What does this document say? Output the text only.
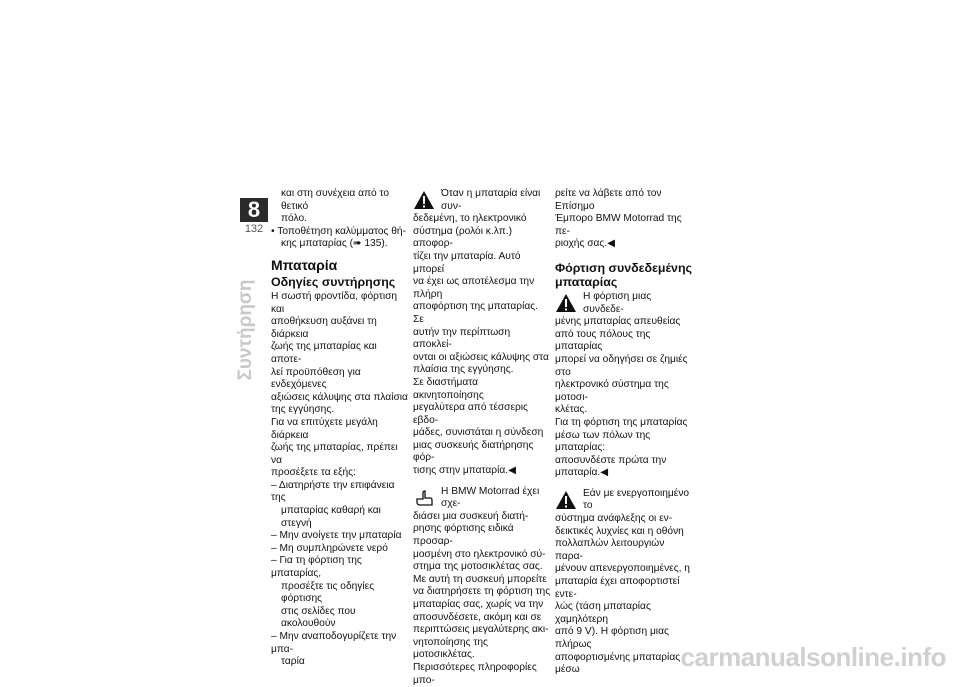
8
132
Συντήρηση
και στη συνέχεια από το θετικό
πόλο.
• Τοποθέτηση καλύμματος θή-
κης μπαταρίας (➠ 135).
Μπαταρία
Οδηγίες συντήρησης
Η σωστή φροντίδα, φόρτιση και
αποθήκευση αυξάνει τη διάρκεια
ζωής της μπαταρίας και αποτε-
λεί προϋπόθεση για ενδεχόμενες
αξιώσεις κάλυψης στα πλαίσια
της εγγύησης.
Για να επιτύχετε μεγάλη διάρκεια
ζωής της μπαταρίας, πρέπει να
προσέξετε τα εξής:
– Διατηρήστε την επιφάνεια της
μπαταρίας καθαρή και στεγνή
– Μην ανοίγετε την μπαταρία
– Μη συμπληρώνετε νερό
– Για τη φόρτιση της μπαταρίας,
προσέξτε τις οδηγίες φόρτισης
στις σελίδες που ακολουθούν
– Μην αναποδογυρίζετε την μπα-
ταρία
Όταν η μπαταρία είναι συν-
δεδεμένη, το ηλεκτρονικό
σύστημα (ρολόι κ.λπ.) αποφορ-
τίζει την μπαταρία. Αυτό μπορεί
να έχει ως αποτέλεσμα την πλήρη
αποφόρτιση της μπαταρίας. Σε
αυτήν την περίπτωση αποκλεί-
ονται οι αξιώσεις κάλυψης στα
πλαίσια της εγγύησης.
Σε διαστήματα ακινητοποίησης
μεγαλύτερα από τέσσερις εβδο-
μάδες, συνιστάται η σύνδεση
μιας συσκευής διατήρησης φόρ-
τισης στην μπαταρία.◀
Η BMW Motorrad έχει σχε-
διάσει μια συσκευή διατή-
ρησης φόρτισης ειδικά προσαρ-
μοσμένη στο ηλεκτρονικό σύ-
στημα της μοτοσικλέτας σας.
Με αυτή τη συσκευή μπορείτε
να διατηρήσετε τη φόρτιση της
μπαταρίας σας, χωρίς να την
αποσυνδέσετε, ακόμη και σε
περιπτώσεις μεγαλύτερης ακι-
νητοποίησης της μοτοσικλέτας.
Περισσότερες πληροφορίες μπο-
ρείτε να λάβετε από τον Επίσημο
Έμπορο BMW Motorrad της πε-
ριοχής σας.◀
Φόρτιση συνδεδεμένης
μπαταρίας
Η φόρτιση μιας συνδεδε-
μένης μπαταρίας απευθείας
από τους πόλους της μπαταρίας
μπορεί να οδηγήσει σε ζημιές στο
ηλεκτρονικό σύστημα της μοτοσι-
κλέτας.
Για τη φόρτιση της μπαταρίας
μέσω των πόλων της μπαταρίας:
αποσυνδέστε πρώτα την
μπαταρία.◀
Εάν με ενεργοποιημένο το
σύστημα ανάφλεξης οι εν-
δεικτικές λυχνίες και η οθόνη
πολλαπλών λειτουργιών παρα-
μένουν απενεργοποιημένες, η
μπαταρία έχει αποφορτιστεί εντε-
λώς (τάση μπαταρίας χαμηλότερη
από 9 V). Η φόρτιση μιας πλήρως
αποφορτισμένης μπαταρίας μέσω	carmanualsonline.info
